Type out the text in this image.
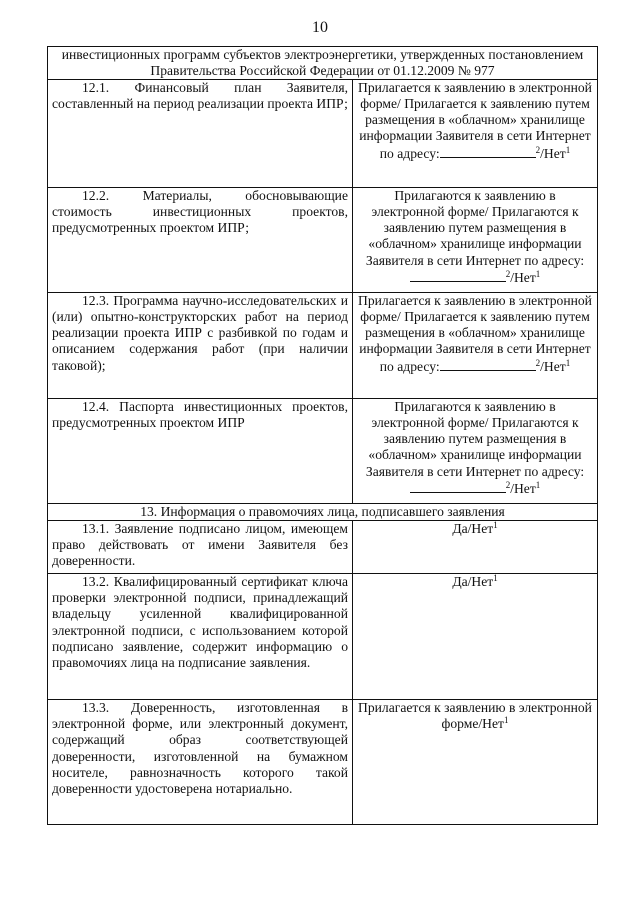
10
инвестиционных программ субъектов электроэнергетики, утвержденных постановлением Правительства Российской Федерации от 01.12.2009 № 977	
12.1. Финансовый план Заявителя, составленный на период реализации проекта ИПР;	Прилагается к заявлению в электронной форме/ Прилагается к заявлению путем размещения в «облачном» хранилище информации Заявителя в сети Интернет по адресу: $^2$/Нет$^1$
12.2. Материалы, обосновывающие стоимость инвестиционных проектов, предусмотренных проектом ИПР;	Прилагаются к заявлению в электронной форме/ Прилагаются к заявлению путем размещения в «облачном» хранилище информации Заявителя в сети Интернет по адресу:$^2$/Нет$^1$
12.3. Программа научно-исследовательских и (или) опытно-конструкторских работ на период реализации проекта ИПР с разбивкой по годам и описанием содержания работ (при наличии таковой);	Прилагается к заявлению в электронной форме/ Прилагается к заявлению путем размещения в «облачном» хранилище информации Заявителя в сети Интернет по адресу: $^2$/Нет$^1$
12.4. Паспорта инвестиционных проектов, предусмотренных проектом ИПР	Прилагаются к заявлению в электронной форме/ Прилагаются к заявлению путем размещения в «облачном» хранилище информации Заявителя в сети Интернет по адресу:$^2$/Нет$^1$
13. Информация о правомочиях лица, подписавшего заявления	
13.1. Заявление подписано лицом, имеющем право действовать от имени Заявителя без доверенности.	Да/Нет$^1$
13.2. Квалифицированный сертификат ключа проверки электронной подписи, принадлежащий владельцу усиленной квалифицированной электронной подписи, с использованием которой подписано заявление, содержит информацию о правомочиях лица на подписание заявления.	Да/Нет$^1$
13.3. Доверенность, изготовленная в электронной форме, или электронный документ, содержащий образ соответствующей доверенности, изготовленной на бумажном носителе, равнозначность которого такой доверенности удостоверена нотариально.	Прилагается к заявлению в электронной форме/Нет$^1$
